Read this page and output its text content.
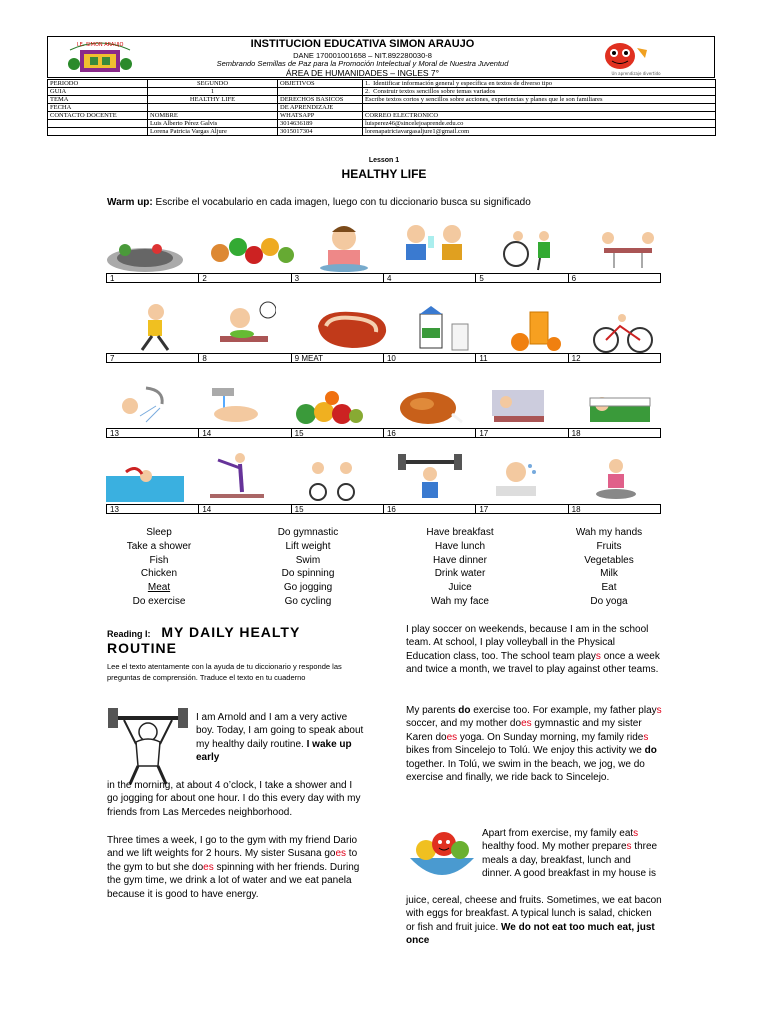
I.E. SIMON ARAUJO
Un aprendizaje divertido
INSTITUCION EDUCATIVA SIMON ARAUJO
DANE 170001001658 – NIT.892280030-8
Sembrando Semillas de Paz para la Promoción Intelectual y Moral de Nuestra Juventud
ÁREA DE HUMANIDADES – INGLES 7°
PERIODO	SEGUNDO	OBJETIVOS	1. Identificar información general y específica en textos de diverso tipo
GUIA	1		2. Construir textos sencillos sobre temas variados
TEMA	HEALTHY LIFE	DERECHOS BASICOS	Escribe textos cortos y sencillos sobre acciones, experiencias y planes que le son familiares
FECHA		DE APRENDIZAJE	
CONTACTO DOCENTE	NOMBRE	WHATSAPP	CORREO ELECTRONICO
	Luis Alberto Pérez Galvis	3014636189	luisperez46@sincelejoaprende.edu.co
	Lorena Patricia Vargas Aljure	3015017304	lorenapatriciavargasaljure1@gmail.com
Lesson 1
HEALTHY LIFE
Warm up: Escribe el vocabulario en cada imagen, luego con tu diccionario busca su significado
1	2	3	4	5	6
7	8	9 MEAT	10	11	12
13	14	15	16	17	18
13	14	15	16	17	18
Sleep
Take a shower
Fish
Chicken
Meat
Do exercise
Do gymnastic
Lift weight
Swim
Do spinning
Go jogging
Go cycling
Have breakfast
Have lunch
Have dinner
Drink water
Juice
Wah my face
Wah my hands
Fruits
Vegetables
Milk
Eat
Do yoga
Reading I: MY DAILY HEALTY
ROUTINE
Lee el texto atentamente con la ayuda de tu diccionario y responde las preguntas de comprensión. Traduce el texto en tu cuaderno
I am Arnold and I am a very active boy. Today, I am going to speak about my healthy daily routine. I wake up early
in the morning, at about 4 o’clock, I take a shower and I go jogging for about one hour. I do this every day with my friends from Las Mercedes neighborhood.
Three times a week, I go to the gym with my friend Dario and we lift weights for 2 hours. My sister Susana goes to the gym to but she does spinning with her friends. During the gym time, we drink a lot of water and we eat panela because it is good to have energy.
I play soccer on weekends, because I am in the school team. At school, I play volleyball in the Physical Education class, too. The school team plays once a week and twice a month, we travel to play against other teams.
My parents do exercise too. For example, my father plays soccer, and my mother does gymnastic and my sister Karen does yoga. On Sunday morning, my family rides bikes from Sincelejo to Tolú. We enjoy this activity we do together. In Tolú, we swim in the beach, we jog, we do exercise and finally, we ride back to Sincelejo.
Apart from exercise, my family eats healthy food. My mother prepares three meals a day, breakfast, lunch and dinner. A good breakfast in my house is
juice, cereal, cheese and fruits. Sometimes, we eat bacon with eggs for breakfast. A typical lunch is salad, chicken or fish and fruit juice. We do not eat too much eat, just once
